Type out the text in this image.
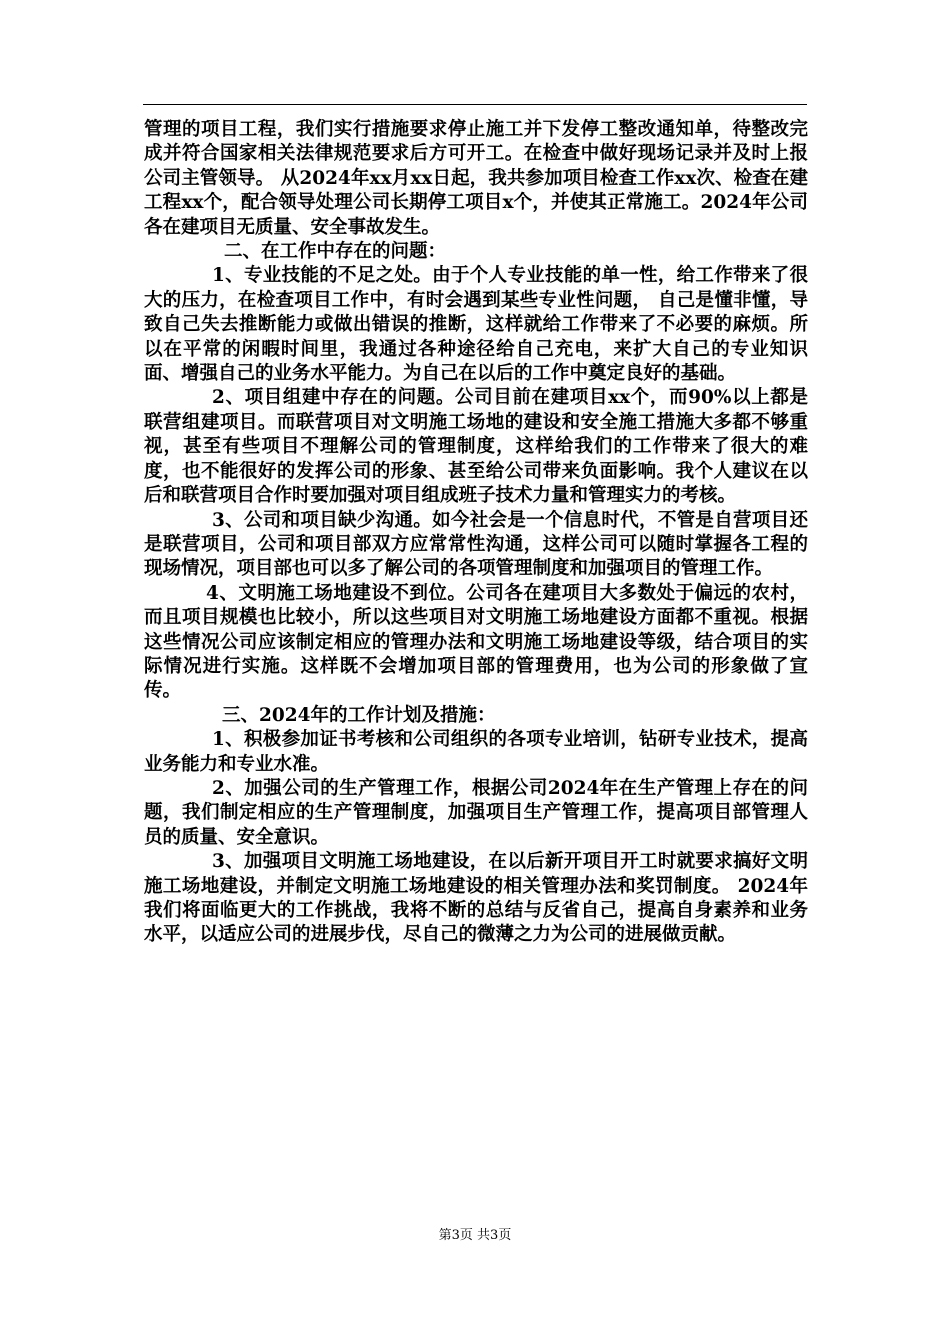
管理的项目工程，我们实行措施要求停止施工并下发停工整改通知单，待整改完成并符合国家相关法律规范要求后方可开工。在检查中做好现场记录并及时上报公司主管领导。 从2024年xx月xx日起，我共参加项目检查工作xx次、检查在建工程xx个，配合领导处理公司长期停工项目x个，并使其正常施工。2024年公司各在建项目无质量、安全事故发生。

二、在工作中存在的问题：

1、专业技能的不足之处。由于个人专业技能的单一性，给工作带来了很大的压力，在检查项目工作中，有时会遇到某些专业性问题， 自己是懂非懂，导致自己失去推断能力或做出错误的推断，这样就给工作带来了不必要的麻烦。所以在平常的闲暇时间里，我通过各种途径给自己充电，来扩大自己的专业知识面、增强自己的业务水平能力。为自己在以后的工作中奠定良好的基础。

2、项目组建中存在的问题。公司目前在建项目xx个，而90%以上都是联营组建项目。而联营项目对文明施工场地的建设和安全施工措施大多都不够重视，甚至有些项目不理解公司的管理制度，这样给我们的工作带来了很大的难度，也不能很好的发挥公司的形象、甚至给公司带来负面影响。我个人建议在以后和联营项目合作时要加强对项目组成班子技术力量和管理实力的考核。

3、公司和项目缺少沟通。如今社会是一个信息时代，不管是自营项目还是联营项目，公司和项目部双方应常常性沟通，这样公司可以随时掌握各工程的现场情况，项目部也可以多了解公司的各项管理制度和加强项目的管理工作。

4、文明施工场地建设不到位。公司各在建项目大多数处于偏远的农村，而且项目规模也比较小，所以这些项目对文明施工场地建设方面都不重视。根据这些情况公司应该制定相应的管理办法和文明施工场地建设等级，结合项目的实际情况进行实施。这样既不会增加项目部的管理费用，也为公司的形象做了宣传。

三、2024年的工作计划及措施：

1、积极参加证书考核和公司组织的各项专业培训，钻研专业技术，提高业务能力和专业水准。

2、加强公司的生产管理工作，根据公司2024年在生产管理上存在的问题，我们制定相应的生产管理制度，加强项目生产管理工作，提高项目部管理人员的质量、安全意识。

3、加强项目文明施工场地建设，在以后新开项目开工时就要求搞好文明施工场地建设，并制定文明施工场地建设的相关管理办法和奖罚制度。 2024年我们将面临更大的工作挑战，我将不断的总结与反省自己，提高自身素养和业务水平，以适应公司的进展步伐，尽自己的微薄之力为公司的进展做贡献。

第3页 共3页
